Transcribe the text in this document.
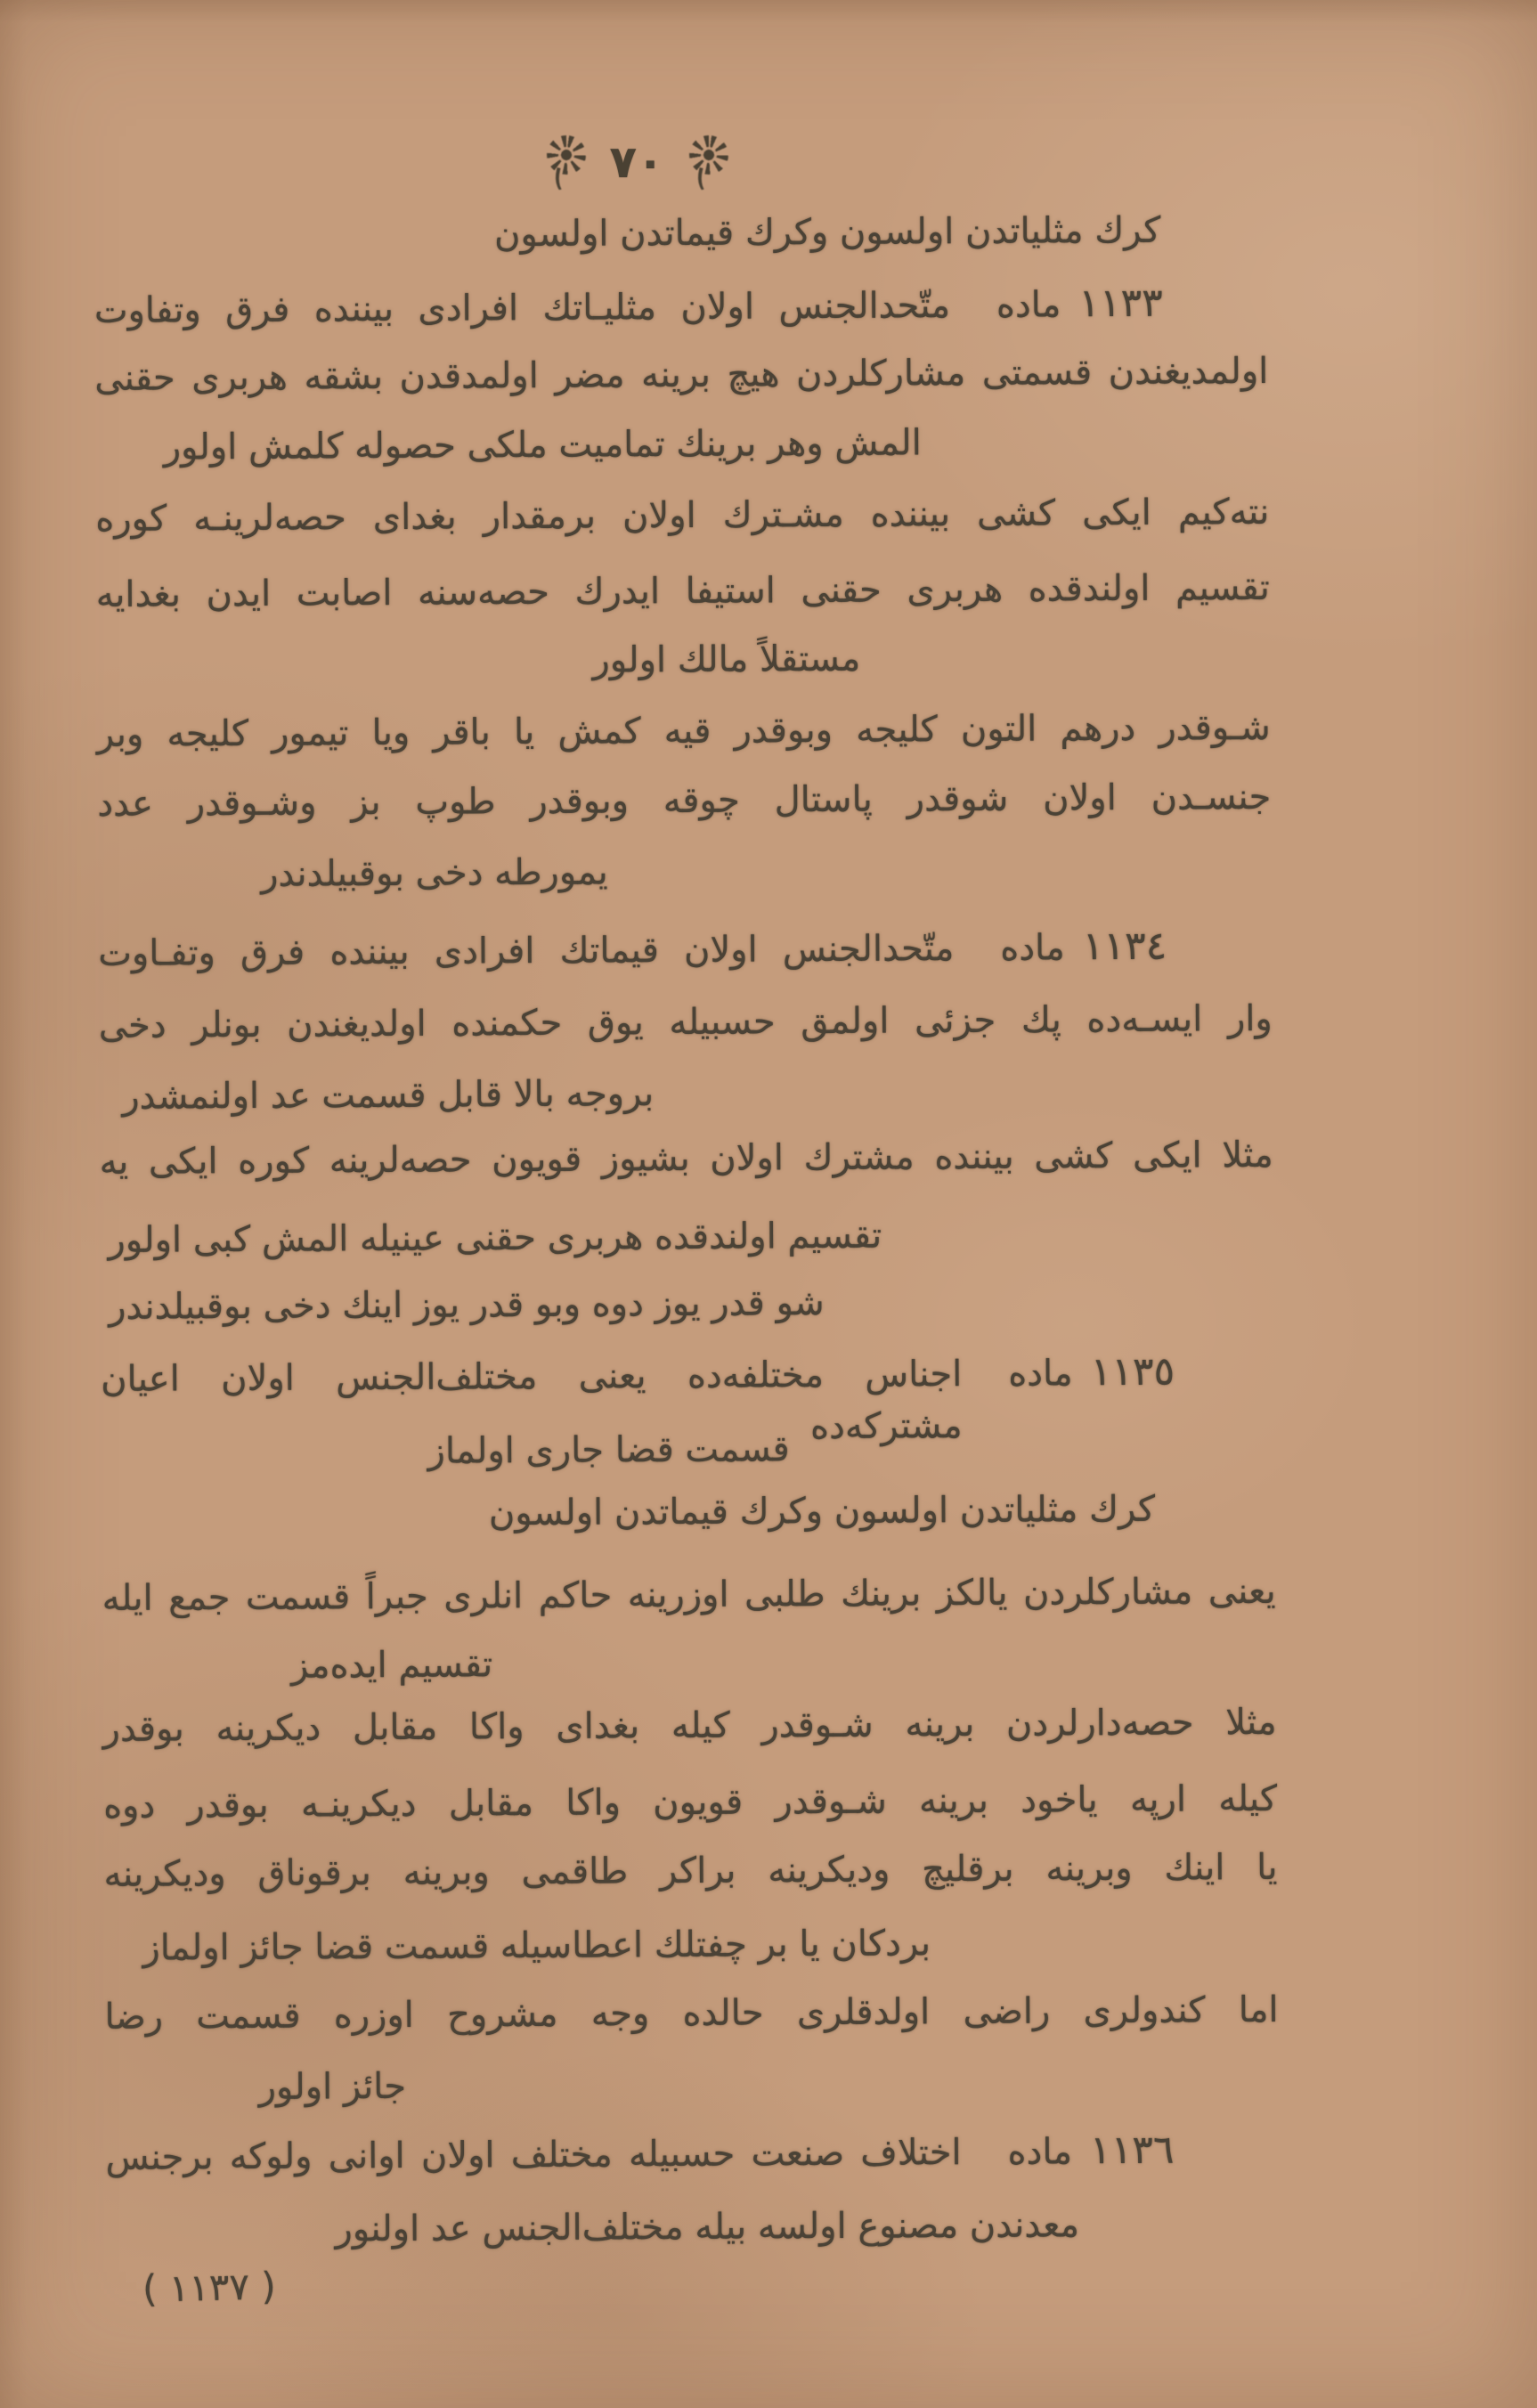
٧٠
كرك مثلياتدن اولسون وكرك قيماتدن اولسون
١١٣٣
ماده
متّحدالجنس اولان مثليـاتك افرادى بيننده فرق وتفاوت
اولمديغندن قسمتى مشاركلردن هيچ برينه مضر اولمدقدن بشقه هربرى حقنى
المش وهر برينك تماميت ملكى حصوله كلمش اولور
نته‌كيم ايكى كشى بيننده مشـترك اولان برمقدار بغداى حصه‌لرينـه كوره
تقسيم اولندقده هربرى حقنى استيفا ايدرك حصه‌سنه اصابت ايدن بغدايه
مستقلاً مالك اولور
شـوقدر درهم التون كليجه وبوقدر قيه كمش يا باقر ويا تيمور كليجه وبر
جنسـدن اولان شوقدر پاستال چوقه وبوقدر طوپ بز وشـوقدر عدد
يمورطه دخى بوقبيلدندر
١١٣٤
ماده
متّحدالجنس اولان قيماتك افرادى بيننده فرق وتفـاوت
وار ايسـه‌ده پك جزئى اولمق حسبيله يوق حكمنده اولديغندن بونلر دخى
بروجه بالا قابل قسمت عد اولنمشدر
مثلا ايكى كشى بيننده مشترك اولان بشيوز قويون حصه‌لرينه كوره ايكى يه
تقسيم اولندقده هربرى حقنى عينيله المش كبى اولور
شو قدر يوز دوه وبو قدر يوز اينك دخى بوقبيلدندر
١١٣٥
ماده
اجناس مختلفه‌ده يعنى مختلف‌الجنس اولان اعيان مشتركه‌ده
قسمت قضا جارى اولماز
كرك مثلياتدن اولسون وكرك قيماتدن اولسون
يعنى مشاركلردن يالكز برينك طلبى اوزرينه حاكم انلرى جبراً قسمت جمع ايله
تقسيم ايده‌مز
مثلا حصه‌دارلردن برينه شـوقدر كيله بغداى واكا مقابل ديكرينه بوقدر
كيله ارپه ياخود برينه شـوقدر قويون واكا مقابل ديكرينـه بوقدر دوه
يا اينك وبرينه برقليچ وديكرينه براكر طاقمى وبرينه برقوناق وديكرينه
بردكان يا بر چفتلك اعطاسيله قسمت قضا جائز اولماز
اما كندولرى راضى اولدقلرى حالده وجه مشروح اوزره قسمت رضا
جائز اولور
١١٣٦
ماده
اختلاف صنعت حسبيله مختلف اولان اوانى ولوكه برجنس
معدندن مصنوع اولسه بيله مختلف‌الجنس عد اولنور
( ١١٣٧ )
